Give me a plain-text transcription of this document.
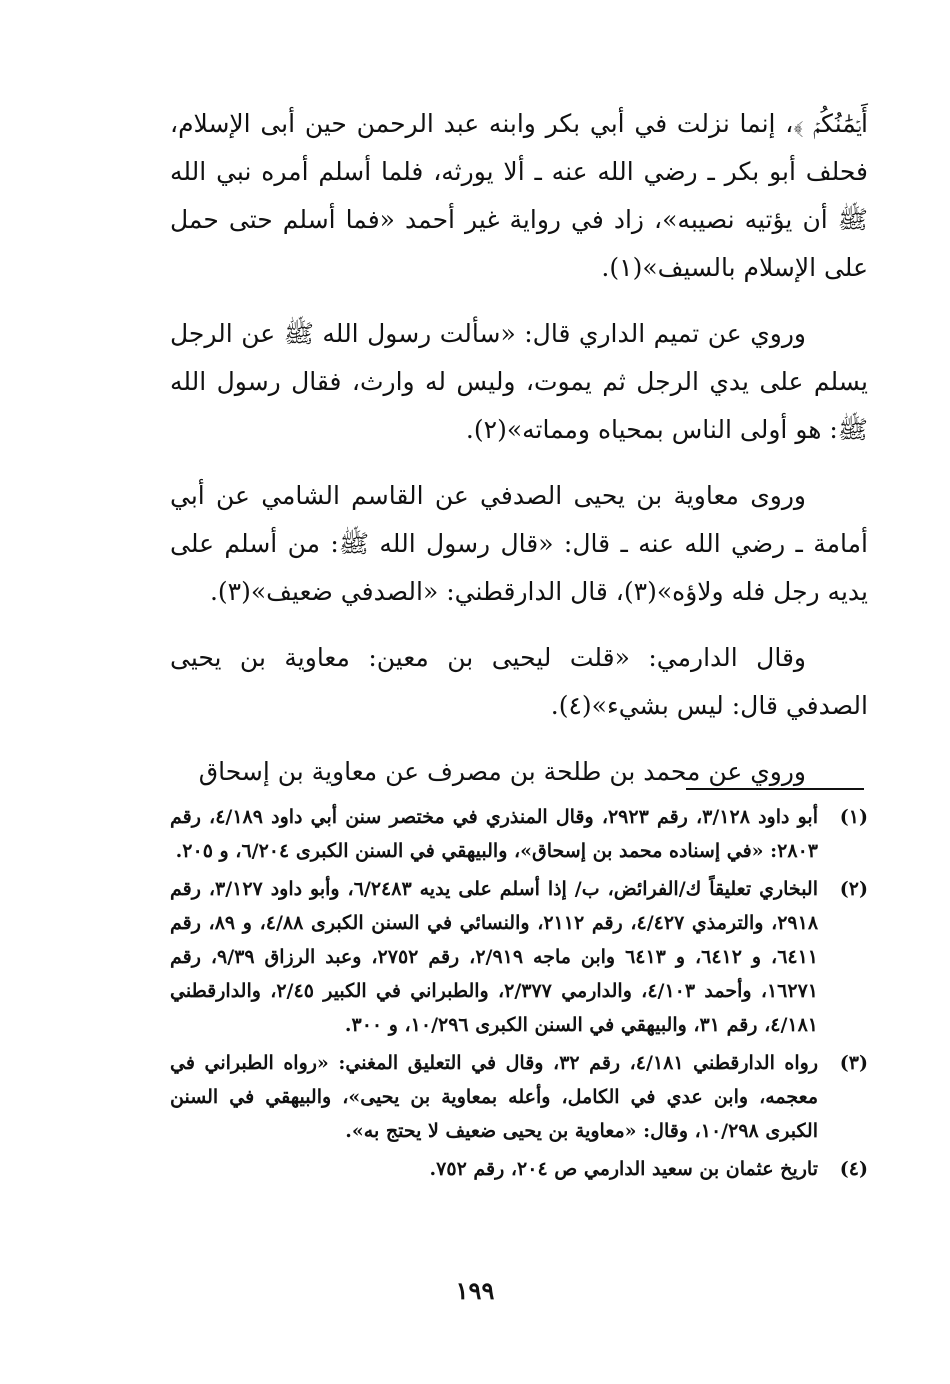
أَيۡمَٰنُكُمۡ ﴾، إنما نزلت في أبي بكر وابنه عبد الرحمن حين أبى الإسلام، فحلف أبو بكر ـ رضي الله عنه ـ ألا يورثه، فلما أسلم أمره نبي الله ﷺ أن يؤتيه نصيبه»، زاد في رواية غير أحمد «فما أسلم حتى حمل على الإسلام بالسيف»(١).

وروي عن تميم الداري قال: «سألت رسول الله ﷺ عن الرجل يسلم على يدي الرجل ثم يموت، وليس له وارث، فقال رسول الله ﷺ: هو أولى الناس بمحياه ومماته»(٢).

وروى معاوية بن يحيى الصدفي عن القاسم الشامي عن أبي أمامة ـ رضي الله عنه ـ قال: «قال رسول الله ﷺ: من أسلم على يديه رجل فله ولاؤه»(٣)، قال الدارقطني: «الصدفي ضعيف»(٣).

وقال الدارمي: «قلت ليحيى بن معين: معاوية بن يحيى الصدفي قال: ليس بشيء»(٤).

وروي عن محمد بن طلحة بن مصرف عن معاوية بن إسحاق

(١)
أبو داود ٣/١٢٨، رقم ٢٩٢٣، وقال المنذري في مختصر سنن أبي داود ٤/١٨٩، رقم ٢٨٠٣: «في إسناده محمد بن إسحاق»، والبيهقي في السنن الكبرى ٦/٢٠٤، و ٢٠٥.
(٢)
البخاري تعليقاً ك/الفرائض، ب/ إذا أسلم على يديه ٦/٢٤٨٣، وأبو داود ٣/١٢٧، رقم ٢٩١٨، والترمذي ٤/٤٢٧، رقم ٢١١٢، والنسائي في السنن الكبرى ٤/٨٨، و ٨٩، رقم ٦٤١١، و ٦٤١٢، و ٦٤١٣ وابن ماجه ٢/٩١٩، رقم ٢٧٥٢، وعبد الرزاق ٩/٣٩، رقم ١٦٢٧١، وأحمد ٤/١٠٣، والدارمي ٢/٣٧٧، والطبراني في الكبير ٢/٤٥، والدارقطني ٤/١٨١، رقم ٣١، والبيهقي في السنن الكبرى ١٠/٢٩٦، و ٣٠٠.
(٣)
رواه الدارقطني ٤/١٨١، رقم ٣٢، وقال في التعليق المغني: «رواه الطبراني في معجمه، وابن عدي في الكامل، وأعله بمعاوية بن يحيى»، والبيهقي في السنن الكبرى ١٠/٢٩٨، وقال: «معاوية بن يحيى ضعيف لا يحتج به».
(٤)
تاريخ عثمان بن سعيد الدارمي ص ٢٠٤، رقم ٧٥٢.
١٩٩
